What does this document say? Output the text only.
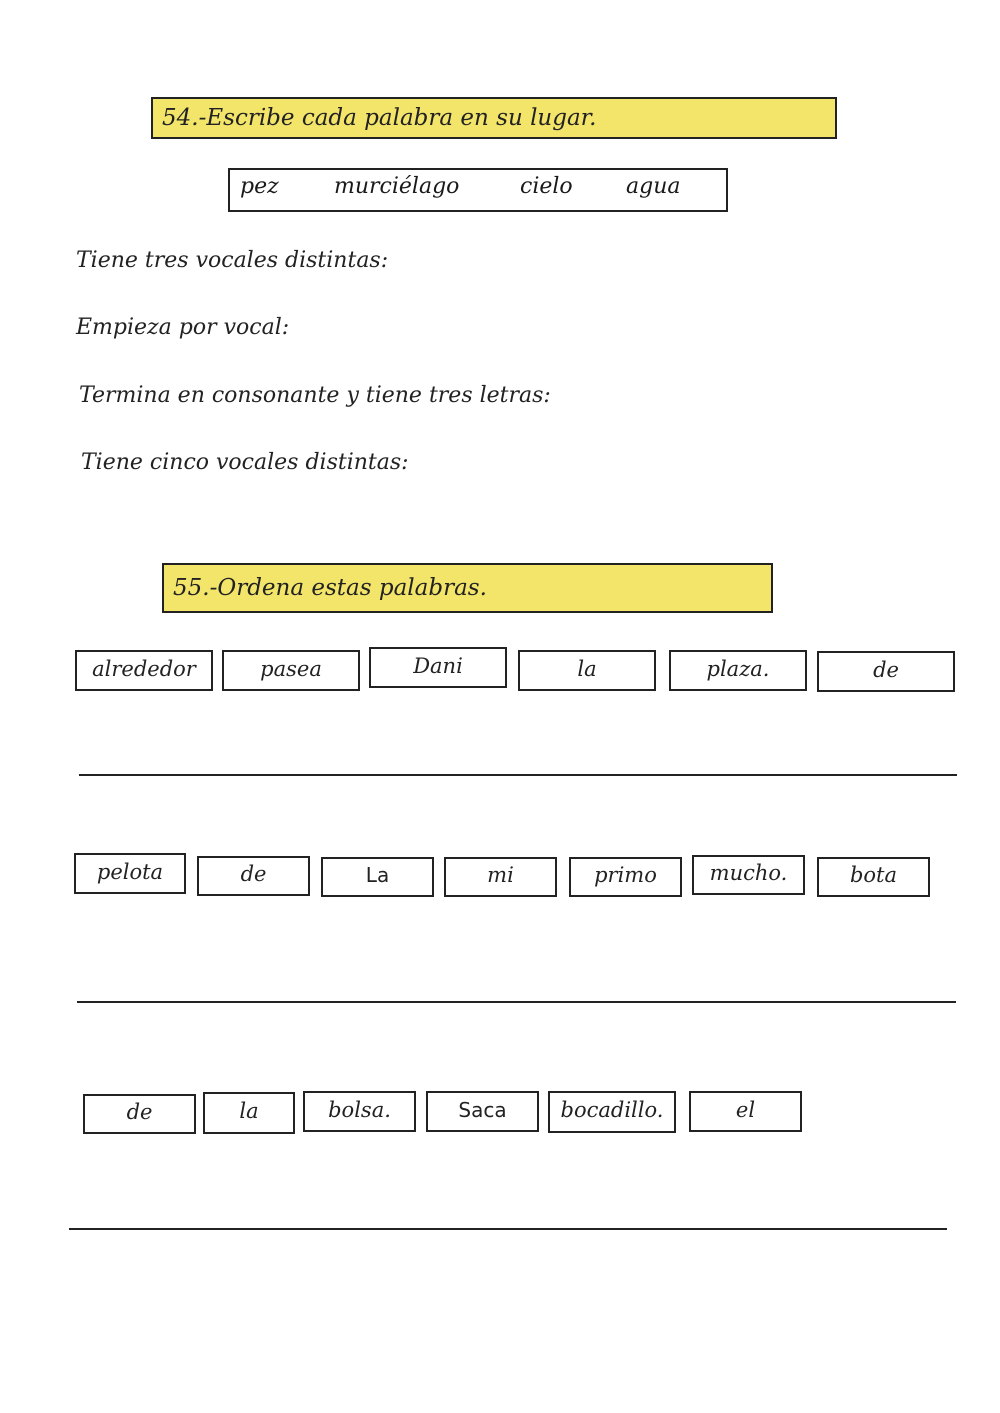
54.-Escribe cada palabra en su lugar.
pez	murciélago	cielo agua
Tiene tres vocales distintas:
Empieza por vocal:
Termina en consonante y tiene tres letras:
Tiene cinco vocales distintas:
55.-Ordena estas palabras.
alrededor	pasea	Dani	la	plaza.	de
pelota	de	La	mi	primo	mucho.	bota
de	la	bolsa.	Saca	bocadillo.	el
